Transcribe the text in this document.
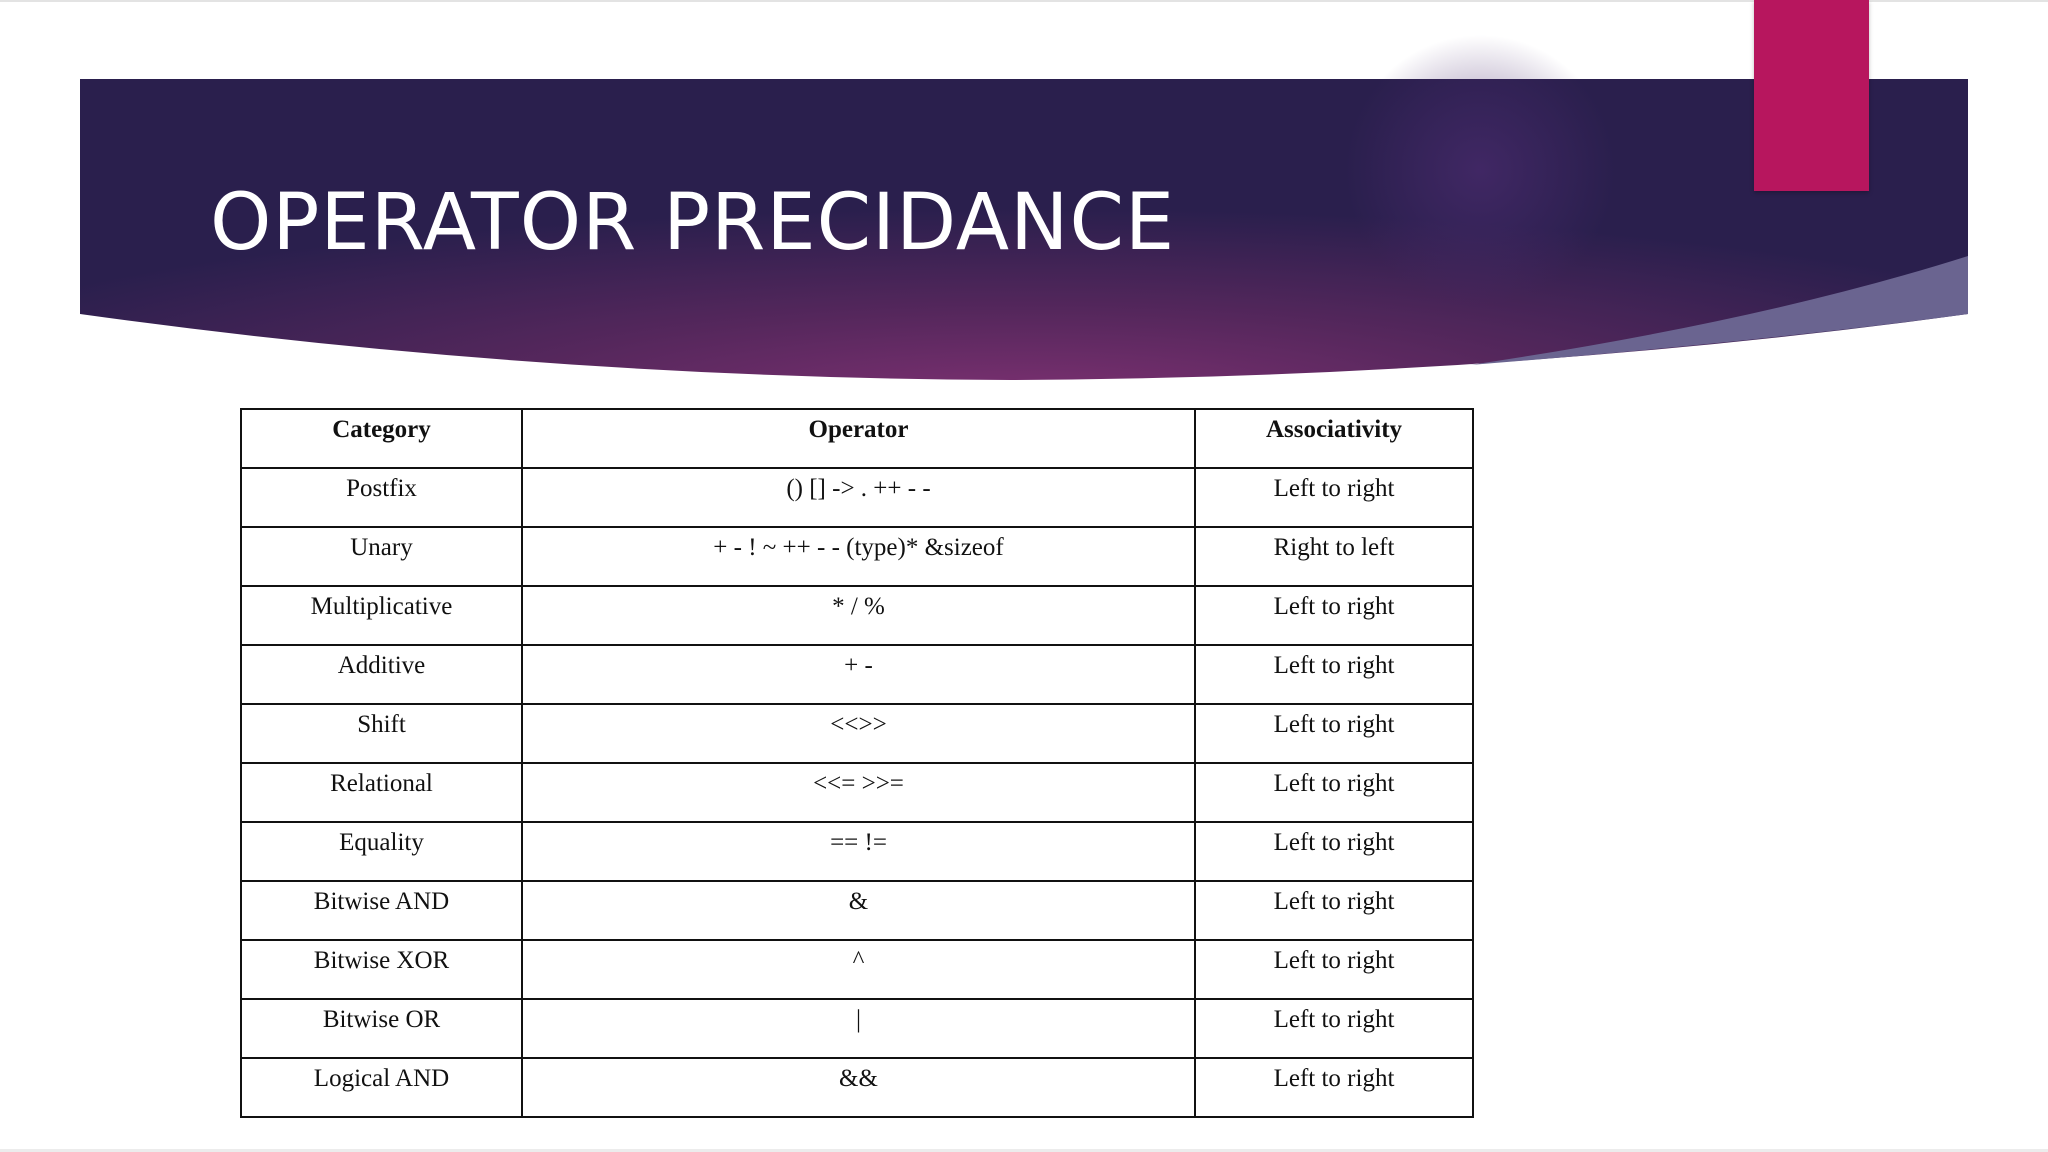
OPERATOR PRECIDANCE
Category	Operator	Associativity
Postfix	() [] -> . ++ - -	Left to right
Unary	+ - ! ~ ++ - - (type)* &sizeof	Right to left
Multiplicative	* / %	Left to right
Additive	+ -	Left to right
Shift	<<>>	Left to right
Relational	<<= >>=	Left to right
Equality	== !=	Left to right
Bitwise AND	&	Left to right
Bitwise XOR	^	Left to right
Bitwise OR	|	Left to right
Logical AND	&&	Left to right
